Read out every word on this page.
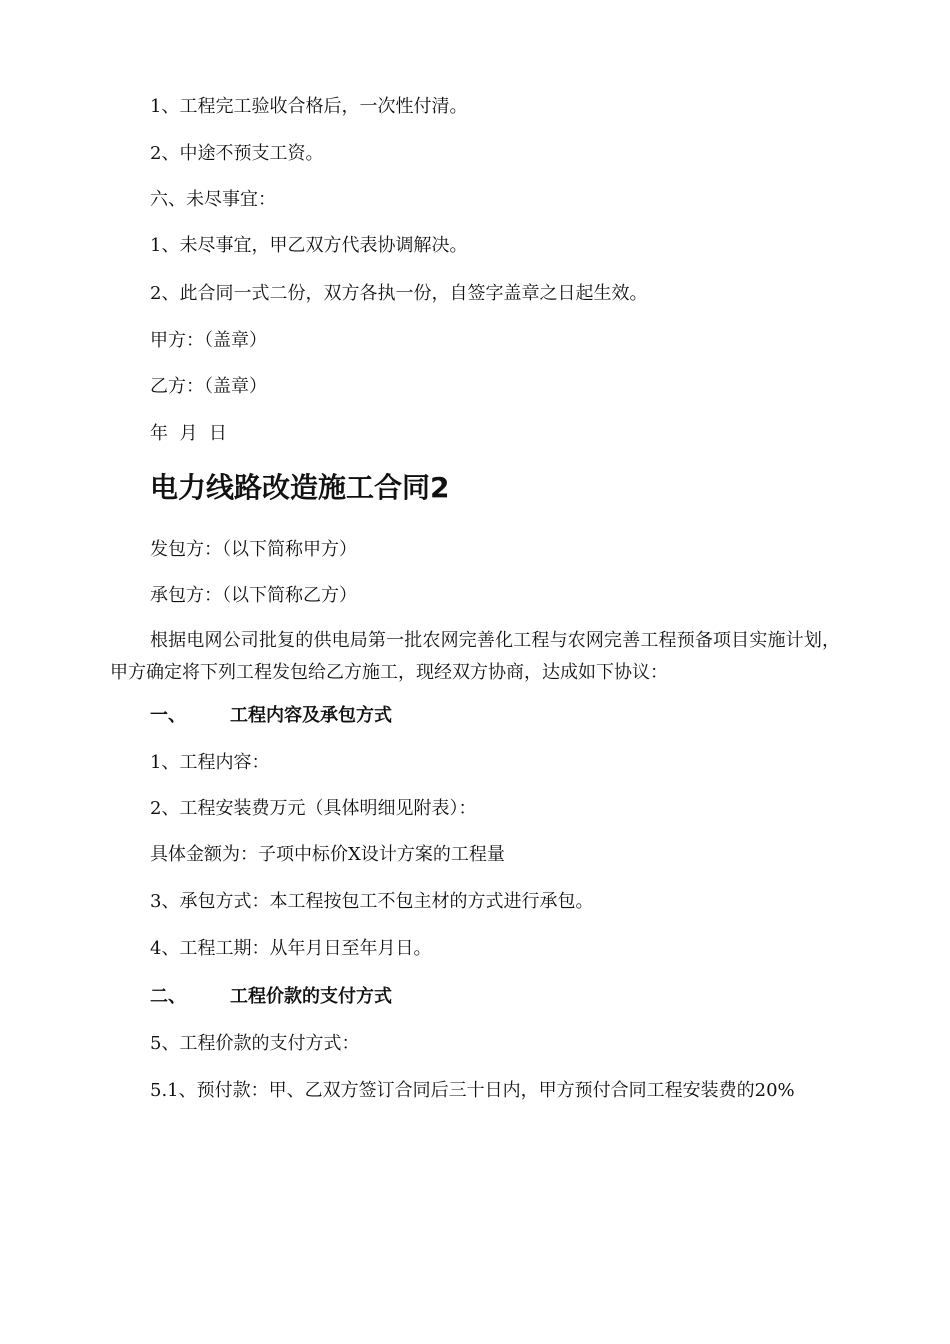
1、工程完工验收合格后，一次性付清。
2、中途不预支工资。
六、未尽事宜：
1、未尽事宜，甲乙双方代表协调解决。
2、此合同一式二份，双方各执一份，自签字盖章之日起生效。
甲方：（盖章）
乙方：（盖章）
年  月  日
电力线路改造施工合同2
发包方：（以下简称甲方）
承包方：（以下简称乙方）
根据电网公司批复的供电局第一批农网完善化工程与农网完善工程预备项目实施计划，甲方确定将下列工程发包给乙方施工，现经双方协商，达成如下协议：
一、 工程内容及承包方式
1、工程内容：
2、工程安装费万元（具体明细见附表）：
具体金额为：子项中标价X设计方案的工程量
3、承包方式：本工程按包工不包主材的方式进行承包。
4、工程工期：从年月日至年月日。
二、 工程价款的支付方式
5、工程价款的支付方式：
5.1、预付款：甲、乙双方签订合同后三十日内，甲方预付合同工程安装费的20%
